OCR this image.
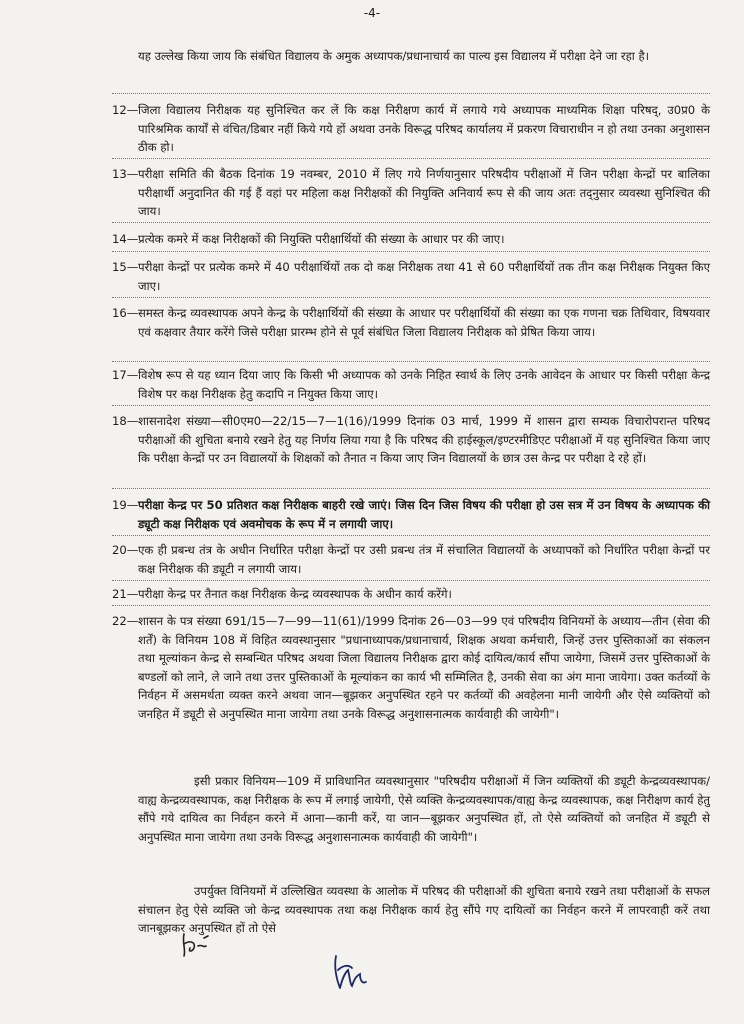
-4-
यह उल्लेख किया जाय कि संबंधित विद्यालय के अमुक अध्यापक/प्रधानाचार्य का पाल्य इस विद्यालय में परीक्षा देने जा रहा है।
12— जिला विद्यालय निरीक्षक यह सुनिश्चित कर लें कि कक्ष निरीक्षण कार्य में लगाये गये अध्यापक माध्यमिक शिक्षा परिषद्, उ0प्र0 के पारिश्रमिक कार्यों से वंचित/डिबार नहीं किये गये हों अथवा उनके विरूद्ध परिषद कार्यालय में प्रकरण विचाराधीन न हो तथा उनका अनुशासन ठीक हो।
13— परीक्षा समिति की बैठक दिनांक 19 नवम्बर, 2010 में लिए गये निर्णयानुसार परिषदीय परीक्षाओं में जिन परीक्षा केन्द्रों पर बालिका परीक्षार्थी अनुदानित की गई हैं वहां पर महिला कक्ष निरीक्षकों की नियुक्ति अनिवार्य रूप से की जाय अतः तद्नुसार व्यवस्था सुनिश्चित की जाय।
14— प्रत्येक कमरे में कक्ष निरीक्षकों की नियुक्ति परीक्षार्थियों की संख्या के आधार पर की जाए।
15— परीक्षा केन्द्रों पर प्रत्येक कमरे में 40 परीक्षार्थियों तक दो कक्ष निरीक्षक तथा 41 से 60 परीक्षार्थियों तक तीन कक्ष निरीक्षक नियुक्त किए जाए।
16— समस्त केन्द्र व्यवस्थापक अपने केन्द्र के परीक्षार्थियों की संख्या के आधार पर परीक्षार्थियों की संख्या का एक गणना चक्र तिथिवार, विषयवार एवं कक्षवार तैयार करेंगे जिसे परीक्षा प्रारम्भ होने से पूर्व संबंधित जिला विद्यालय निरीक्षक को प्रेषित किया जाय।
17— विशेष रूप से यह ध्यान दिया जाए कि किसी भी अध्यापक को उनके निहित स्वार्थ के लिए उनके आवेदन के आधार पर किसी परीक्षा केन्द्र विशेष पर कक्ष निरीक्षक हेतु कदापि न नियुक्त किया जाए।
18— शासनादेश संख्या—सी0एम0—22/15—7—1(16)/1999 दिनांक 03 मार्च, 1999 में शासन द्वारा सम्यक विचारोपरान्त परिषद परीक्षाओं की शुचिता बनाये रखने हेतु यह निर्णय लिया गया है कि परिषद की हाईस्कूल/इण्टरमीडिएट परीक्षाओं में यह सुनिश्चित किया जाए कि परीक्षा केन्द्रों पर उन विद्यालयों के शिक्षकों को तैनात न किया जाए जिन विद्यालयों के छात्र उस केन्द्र पर परीक्षा दे रहे हों।
19— परीक्षा केन्द्र पर 50 प्रतिशत कक्ष निरीक्षक बाहरी रखे जाएं। जिस दिन जिस विषय की परीक्षा हो उस सत्र में उन विषय के अध्यापक की ड्यूटी कक्ष निरीक्षक एवं अवमोचक के रूप में न लगायी जाए।
20— एक ही प्रबन्ध तंत्र के अधीन निर्धारित परीक्षा केन्द्रों पर उसी प्रबन्ध तंत्र में संचालित विद्यालयों के अध्यापकों को निर्धारित परीक्षा केन्द्रों पर कक्ष निरीक्षक की ड्यूटी न लगायी जाय।
21— परीक्षा केन्द्र पर तैनात कक्ष निरीक्षक केन्द्र व्यवस्थापक के अधीन कार्य करेंगे।
22— शासन के पत्र संख्या 691/15—7—99—11(61)/1999 दिनांक 26—03—99 एवं परिषदीय विनियमों के अध्याय—तीन (सेवा की शर्तें) के विनियम 108 में विहित व्यवस्थानुसार "प्रधानाध्यापक/प्रधानाचार्य, शिक्षक अथवा कर्मचारी, जिन्हें उत्तर पुस्तिकाओं का संकलन तथा मूल्यांकन केन्द्र से सम्बन्धित परिषद अथवा जिला विद्यालय निरीक्षक द्वारा कोई दायित्व/कार्य सौंपा जायेगा, जिसमें उत्तर पुस्तिकाओं के बण्डलों को लाने, ले जाने तथा उत्तर पुस्तिकाओं के मूल्यांकन का कार्य भी सम्मिलित है, उनकी सेवा का अंग माना जायेगा। उक्त कर्तव्यों के निर्वहन में असमर्थता व्यक्त करने अथवा जान—बूझकर अनुपस्थित रहने पर कर्तव्यों की अवहेलना मानी जायेगी और ऐसे व्यक्तियों को जनहित में ड्यूटी से अनुपस्थित माना जायेगा तथा उनके विरूद्ध अनुशासनात्मक कार्यवाही की जायेगी"।
इसी प्रकार विनियम—109 में प्राविधानित व्यवस्थानुसार "परिषदीय परीक्षाओं में जिन व्यक्तियों की ड्यूटी केन्द्रव्यवस्थापक/वाह्य केन्द्रव्यवस्थापक, कक्ष निरीक्षक के रूप में लगाई जायेगी, ऐसे व्यक्ति केन्द्रव्यवस्थापक/वाह्य केन्द्र व्यवस्थापक, कक्ष निरीक्षण कार्य हेतु सौंपे गये दायित्व का निर्वहन करने में आना—कानी करें, या जान—बूझकर अनुपस्थित हों, तो ऐसे व्यक्तियों को जनहित में ड्यूटी से अनुपस्थित माना जायेगा तथा उनके विरूद्ध अनुशासनात्मक कार्यवाही की जायेगी"।
उपर्युक्त विनियमों में उल्लिखित व्यवस्था के आलोक में परिषद की परीक्षाओं की शुचिता बनाये रखने तथा परीक्षाओं के सफल संचालन हेतु ऐसे व्यक्ति जो केन्द्र व्यवस्थापक तथा कक्ष निरीक्षक कार्य हेतु सौंपे गए दायित्वों का निर्वहन करने में लापरवाही करें तथा जानबूझकर अनुपस्थित हों तो ऐसे
